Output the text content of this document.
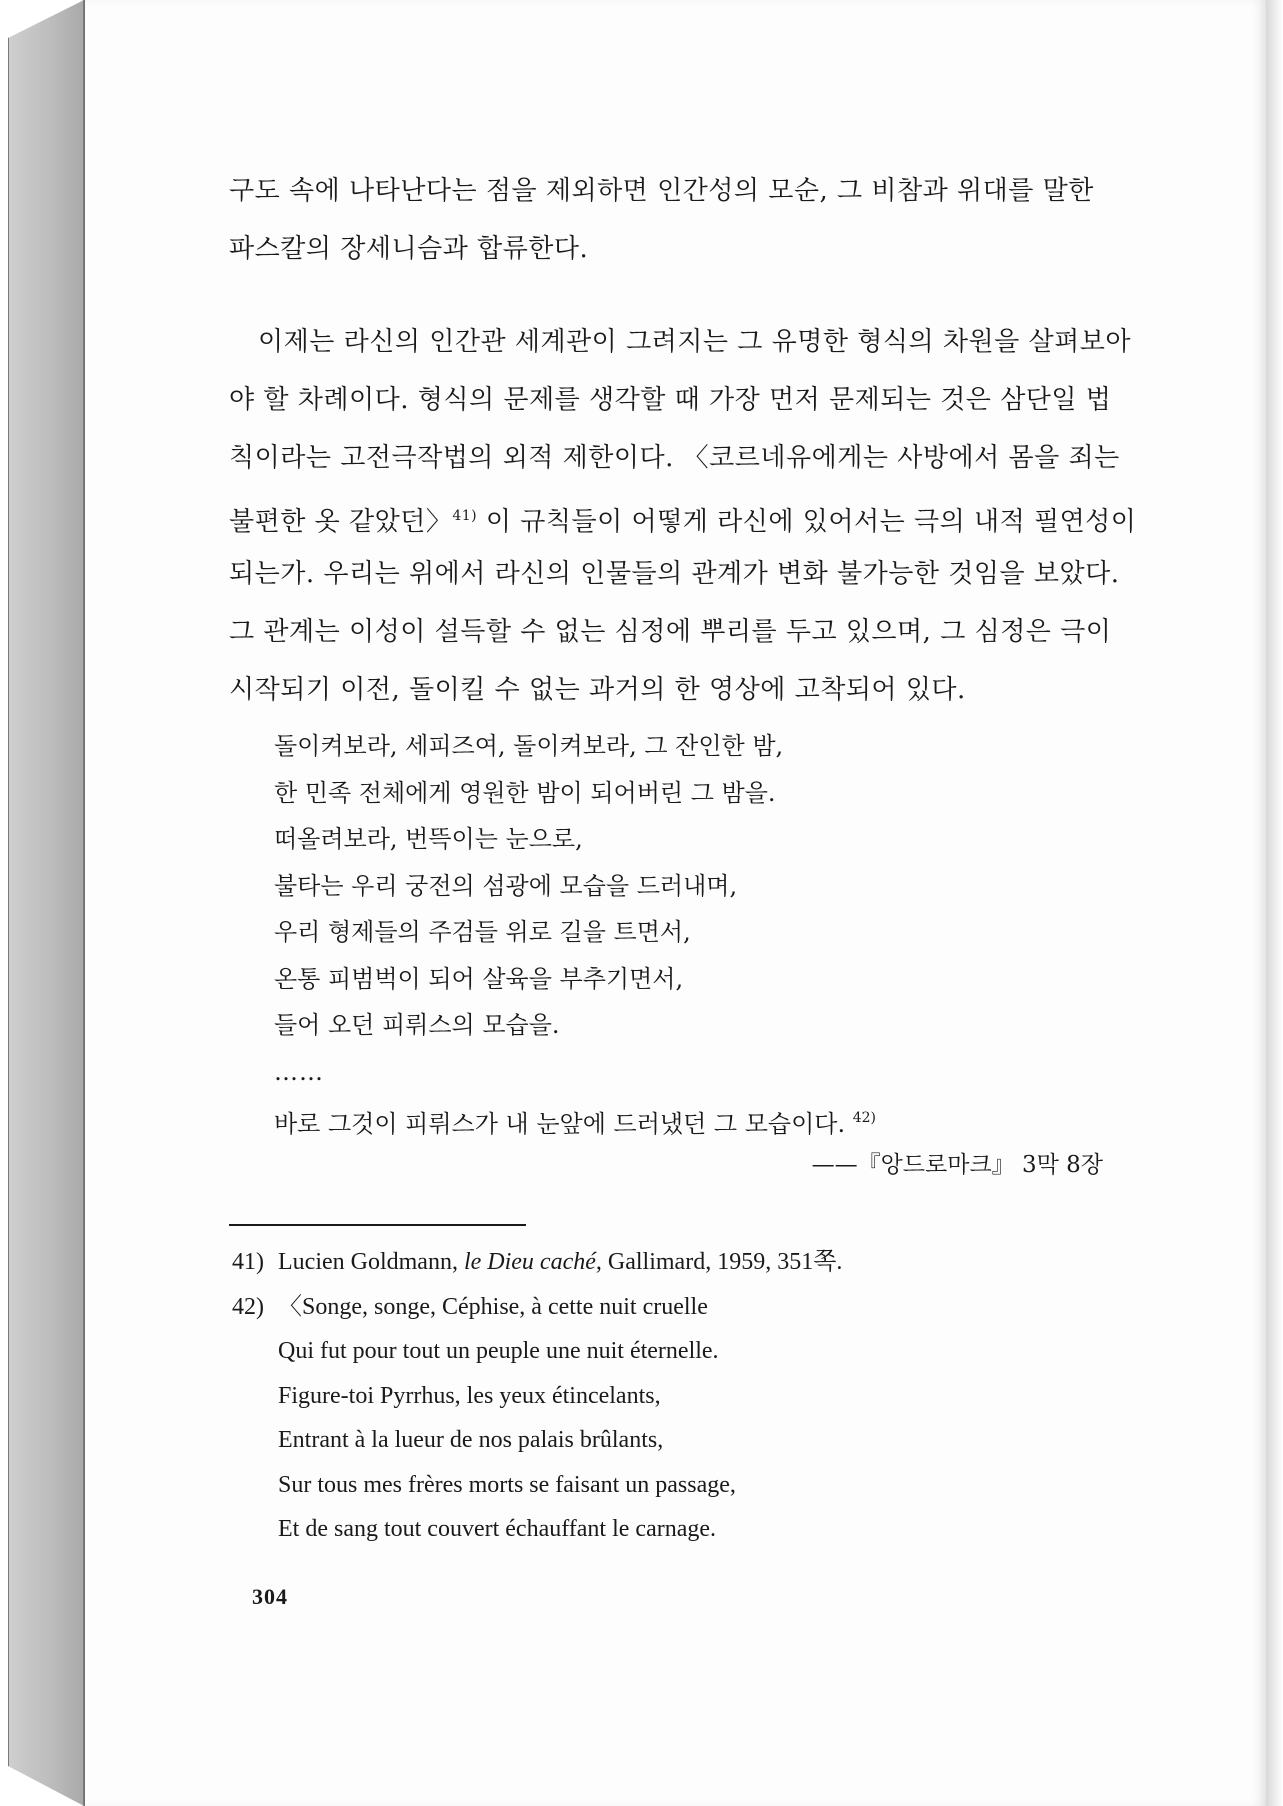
구도 속에 나타난다는 점을 제외하면 인간성의 모순, 그 비참과 위대를 말한
파스칼의 장세니슴과 합류한다.
이제는 라신의 인간관 세계관이 그려지는 그 유명한 형식의 차원을 살펴보아
야 할 차례이다. 형식의 문제를 생각할 때 가장 먼저 문제되는 것은 삼단일 법
칙이라는 고전극작법의 외적 제한이다. 〈코르네유에게는 사방에서 몸을 죄는
불편한 옷 같았던〉$^{41)}$ 이 규칙들이 어떻게 라신에 있어서는 극의 내적 필연성이
되는가. 우리는 위에서 라신의 인물들의 관계가 변화 불가능한 것임을 보았다.
그 관계는 이성이 설득할 수 없는 심정에 뿌리를 두고 있으며, 그 심정은 극이
시작되기 이전, 돌이킬 수 없는 과거의 한 영상에 고착되어 있다.
돌이켜보라, 세피즈여, 돌이켜보라, 그 잔인한 밤,
한 민족 전체에게 영원한 밤이 되어버린 그 밤을.
떠올려보라, 번뜩이는 눈으로,
불타는 우리 궁전의 섬광에 모습을 드러내며,
우리 형제들의 주검들 위로 길을 트면서,
온통 피범벅이 되어 살육을 부추기면서,
들어 오던 피뤼스의 모습을.
……
바로 그것이 피뤼스가 내 눈앞에 드러냈던 그 모습이다. $^{42)}$
——『앙드로마크』 3막 8장
41) Lucien Goldmann, le Dieu caché, Gallimard, 1959, 351쪽.
42) 〈Songe, songe, Céphise, à cette nuit cruelle
Qui fut pour tout un peuple une nuit éternelle.
Figure-toi Pyrrhus, les yeux étincelants,
Entrant à la lueur de nos palais brûlants,
Sur tous mes frères morts se faisant un passage,
Et de sang tout couvert échauffant le carnage.
304
